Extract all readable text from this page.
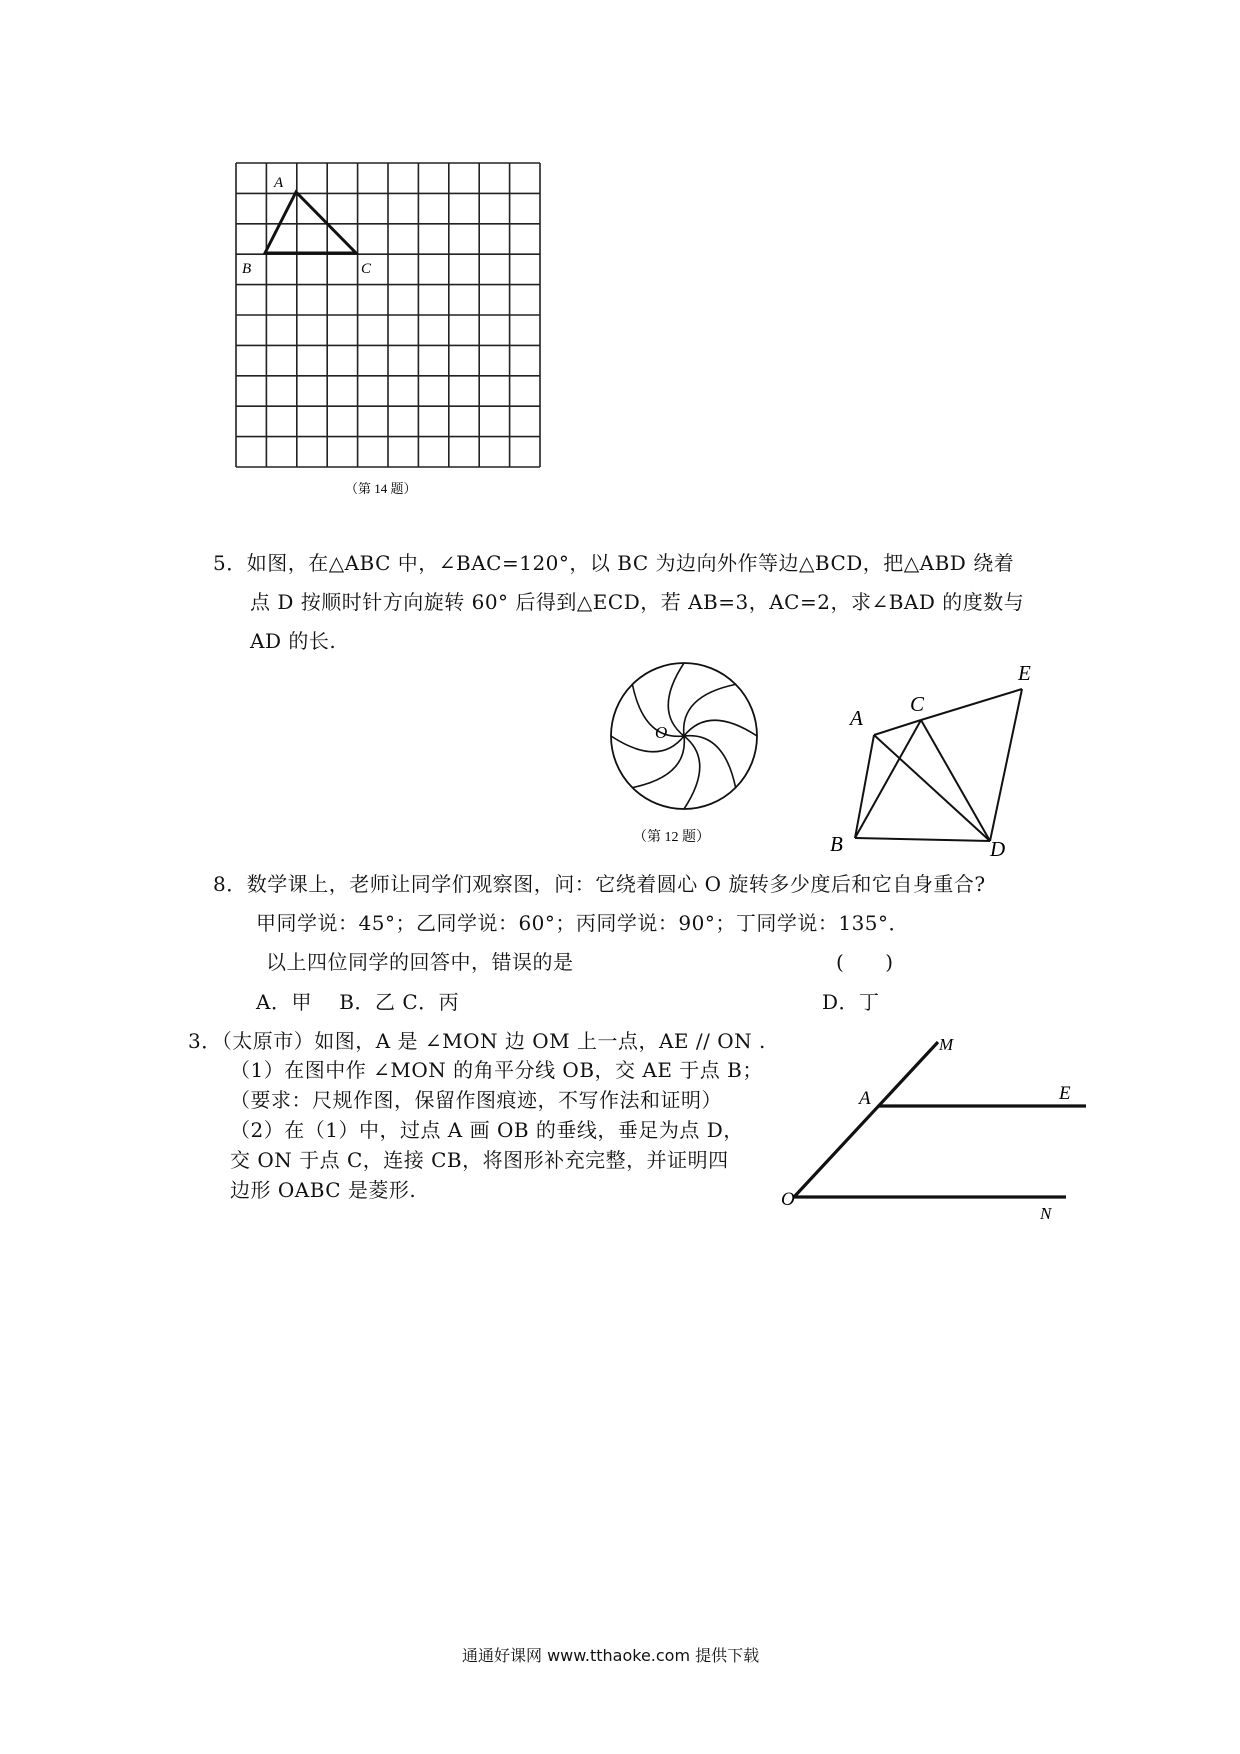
A
B	C
（第 14 题）
5．如图，在△ABC 中，∠BAC=120°，以 BC 为边向外作等边△BCD，把△ABD 绕着
点 D 按顺时针方向旋转 60° 后得到△ECD，若 AB=3，AC=2，求∠BAD 的度数与
AD 的长.
O
（第 12 题）
A
B
C
D
E
8．数学课上，老师让同学们观察图，问：它绕着圆心 O 旋转多少度后和它自身重合?
甲同学说：45°；乙同学说：60°；丙同学说：90°；丁同学说：135°．
以上四位同学的回答中，错误的是	(　　)
A．甲　 B．乙 C．丙	D．丁
3．（太原市）如图，A 是 ∠MON 边 OM 上一点，AE // ON .
（1）在图中作 ∠MON 的角平分线 OB，交 AE 于点 B；
（要求：尺规作图，保留作图痕迹，不写作法和证明）
（2）在（1）中，过点 A 画 OB 的垂线，垂足为点 D，
交 ON 于点 C，连接 CB，将图形补充完整，并证明四
边形 OABC 是菱形.
M
A	E
O
N
通通好课网 www.tthaoke.com 提供下载
